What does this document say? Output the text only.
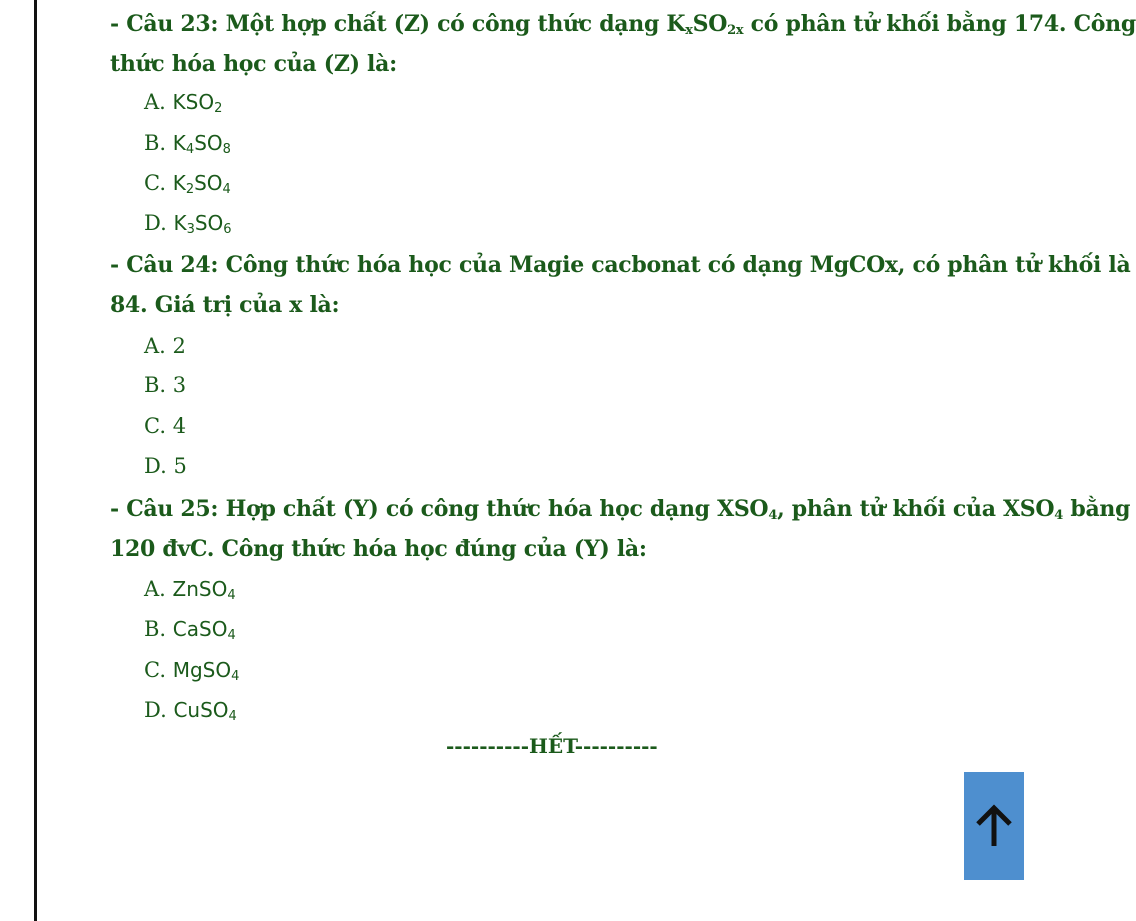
- Câu 23: Một hợp chất (Z) có công thức dạng $K_xSO_{2x}$ có phân tử khối bằng 174. Công
thức hóa học của (Z) là:
A. $KSO_2$
B. $K_4SO_8$
C. $K_2SO_4$
D. $K_3SO_6$
- Câu 24: Công thức hóa học của Magie cacbonat có dạng MgCOx, có phân tử khối là
84. Giá trị của x là:
A. 2
B. 3
C. 4
D. 5
- Câu 25: Hợp chất (Y) có công thức hóa học dạng $XSO_4$, phân tử khối của $XSO_4$ bằng
120 đvC. Công thức hóa học đúng của (Y) là:
A. ZnSO$_4$
B. CaSO$_4$
C. MgSO$_4$
D. CuSO$_4$
----------HẾT----------
